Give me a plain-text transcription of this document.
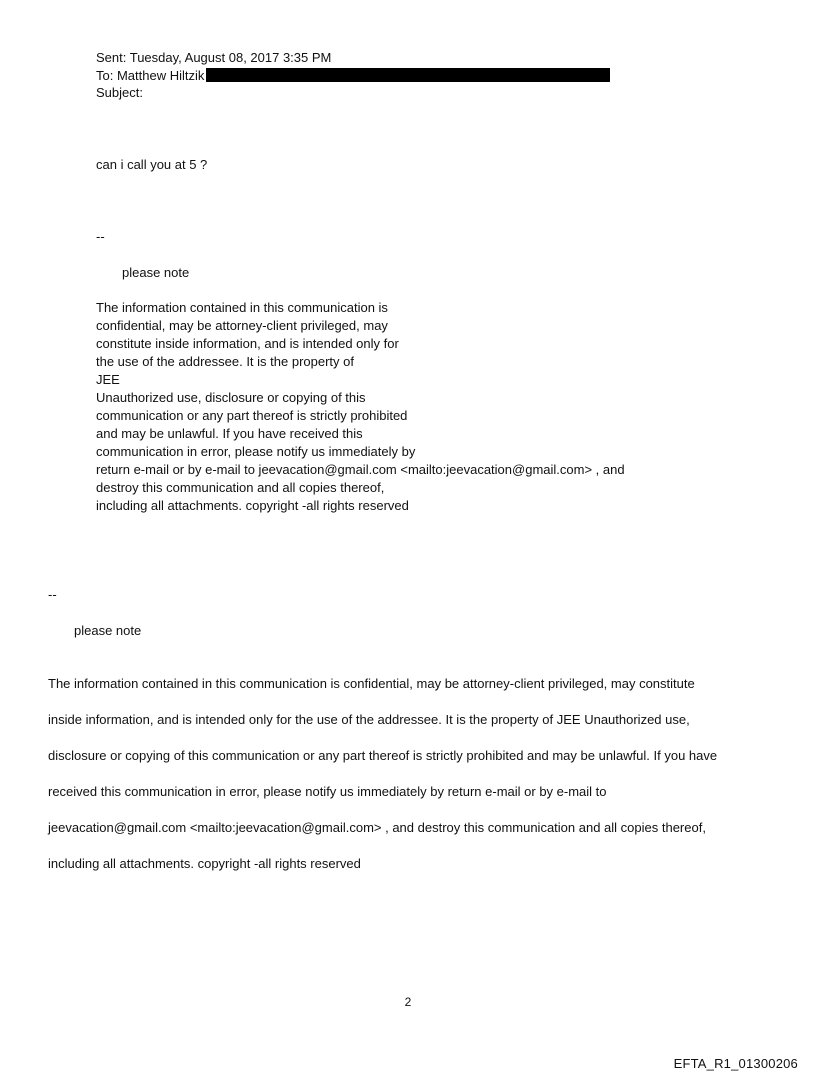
Sent: Tuesday, August 08, 2017 3:35 PM
To: Matthew Hiltzik
Subject:

can i call you at 5 ?

--

please note

The information contained in this communication is
confidential, may be attorney-client privileged, may
constitute inside information, and is intended only for
the use of the addressee. It is the property of
JEE
Unauthorized use, disclosure or copying of this
communication or any part thereof is strictly prohibited
and may be unlawful. If you have received this
communication in error, please notify us immediately by
return e-mail or by e-mail to jeevacation@gmail.com <mailto:jeevacation@gmail.com> , and
destroy this communication and all copies thereof,
including all attachments. copyright -all rights reserved

--

please note

The information contained in this communication is confidential, may be attorney-client privileged, may constitute

inside information, and is intended only for the use of the addressee. It is the property of JEE Unauthorized use,

disclosure or copying of this communication or any part thereof is strictly prohibited and may be unlawful. If you have

received this communication in error, please notify us immediately by return e-mail or by e-mail to

jeevacation@gmail.com <mailto:jeevacation@gmail.com> , and destroy this communication and all copies thereof,

including all attachments. copyright -all rights reserved

2
EFTA_R1_01300206
